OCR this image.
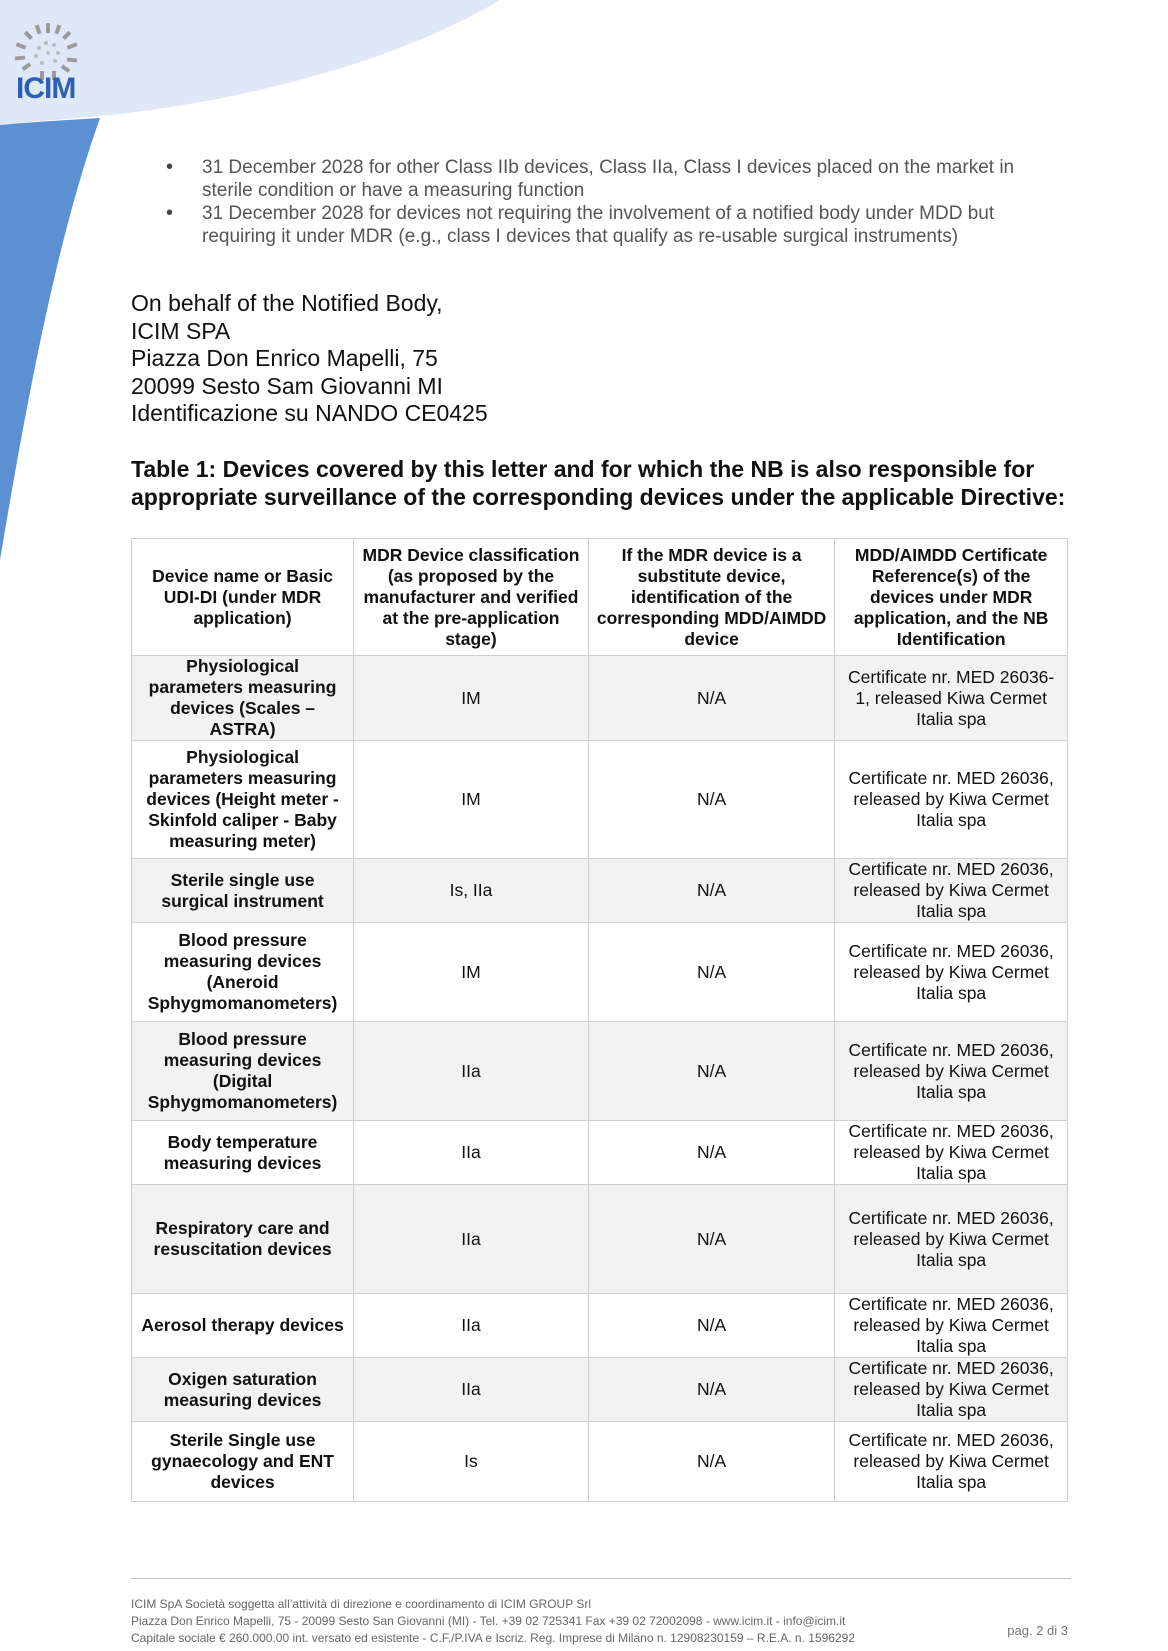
ICIM
• 31 December 2028 for other Class IIb devices, Class IIa, Class I devices placed on the market in sterile condition or have a measuring function
• 31 December 2028 for devices not requiring the involvement of a notified body under MDD but requiring it under MDR (e.g., class I devices that qualify as re-usable surgical instruments)
On behalf of the Notified Body,
ICIM SPA
Piazza Don Enrico Mapelli, 75
20099 Sesto Sam Giovanni MI
Identificazione su NANDO CE0425
Table 1: Devices covered by this letter and for which the NB is also responsible for appropriate surveillance of the corresponding devices under the applicable Directive:
Device name or Basic UDI-DI (under MDR application)	MDR Device classification (as proposed by the manufacturer and verified at the pre-application stage)	If the MDR device is a substitute device, identification of the corresponding MDD/AIMDD device	MDD/AIMDD Certificate Reference(s) of the devices under MDR application, and the NB Identification
Physiological parameters measuring devices (Scales – ASTRA)	IM	N/A	Certificate nr. MED 26036-1, released Kiwa Cermet Italia spa
Physiological parameters measuring devices (Height meter - Skinfold caliper - Baby measuring meter)	IM	N/A	Certificate nr. MED 26036, released by Kiwa Cermet Italia spa
Sterile single use surgical instrument	Is, IIa	N/A	Certificate nr. MED 26036, released by Kiwa Cermet Italia spa
Blood pressure measuring devices (Aneroid Sphygmomanometers)	IM	N/A	Certificate nr. MED 26036, released by Kiwa Cermet Italia spa
Blood pressure measuring devices (Digital Sphygmomanometers)	IIa	N/A	Certificate nr. MED 26036, released by Kiwa Cermet Italia spa
Body temperature measuring devices	IIa	N/A	Certificate nr. MED 26036, released by Kiwa Cermet Italia spa
Respiratory care and resuscitation devices	IIa	N/A	Certificate nr. MED 26036, released by Kiwa Cermet Italia spa
Aerosol therapy devices	IIa	N/A	Certificate nr. MED 26036, released by Kiwa Cermet Italia spa
Oxigen saturation measuring devices	IIa	N/A	Certificate nr. MED 26036, released by Kiwa Cermet Italia spa
Sterile Single use gynaecology and ENT devices	Is	N/A	Certificate nr. MED 26036, released by Kiwa Cermet Italia spa
ICIM SpA Società soggetta all’attività di direzione e coordinamento di ICIM GROUP Srl
Piazza Don Enrico Mapelli, 75 - 20099 Sesto San Giovanni (MI) - Tel. +39 02 725341 Fax +39 02 72002098 - www.icim.it - info@icim.it
Capitale sociale € 260.000,00 int. versato ed esistente - C.F./P.IVA e Iscriz. Reg. Imprese di Milano n. 12908230159 – R.E.A. n. 1596292	pag. 2 di 3
